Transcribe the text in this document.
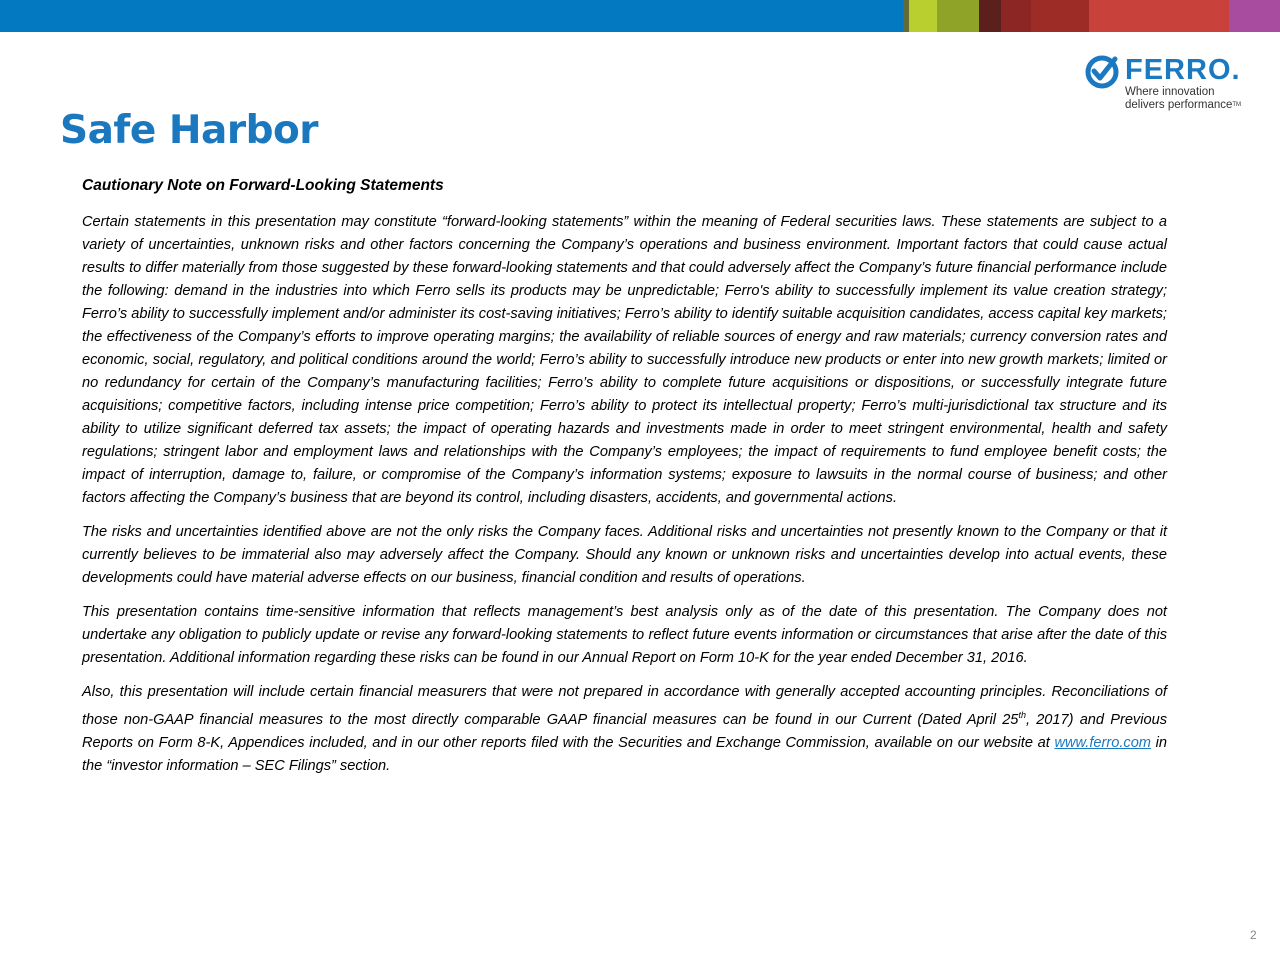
FERRO.
Where innovation
delivers performance™
Safe Harbor
Cautionary Note on Forward-Looking Statements

Certain statements in this presentation may constitute “forward-looking statements” within the meaning of Federal securities laws. These statements are subject to a variety of uncertainties, unknown risks and other factors concerning the Company’s operations and business environment. Important factors that could cause actual results to differ materially from those suggested by these forward-looking statements and that could adversely affect the Company’s future financial performance include the following: demand in the industries into which Ferro sells its products may be unpredictable; Ferro's ability to successfully implement its value creation strategy; Ferro’s ability to successfully implement and/or administer its cost-saving initiatives; Ferro’s ability to identify suitable acquisition candidates, access capital key markets; the effectiveness of the Company’s efforts to improve operating margins; the availability of reliable sources of energy and raw materials; currency conversion rates and economic, social, regulatory, and political conditions around the world; Ferro’s ability to successfully introduce new products or enter into new growth markets; limited or no redundancy for certain of the Company’s manufacturing facilities; Ferro’s ability to complete future acquisitions or dispositions, or successfully integrate future acquisitions; competitive factors, including intense price competition; Ferro’s ability to protect its intellectual property; Ferro’s multi-jurisdictional tax structure and its ability to utilize significant deferred tax assets; the impact of operating hazards and investments made in order to meet stringent environmental, health and safety regulations; stringent labor and employment laws and relationships with the Company’s employees; the impact of requirements to fund employee benefit costs; the impact of interruption, damage to, failure, or compromise of the Company’s information systems; exposure to lawsuits in the normal course of business; and other factors affecting the Company’s business that are beyond its control, including disasters, accidents, and governmental actions.

The risks and uncertainties identified above are not the only risks the Company faces. Additional risks and uncertainties not presently known to the Company or that it currently believes to be immaterial also may adversely affect the Company. Should any known or unknown risks and uncertainties develop into actual events, these developments could have material adverse effects on our business, financial condition and results of operations.

This presentation contains time-sensitive information that reflects management’s best analysis only as of the date of this presentation. The Company does not undertake any obligation to publicly update or revise any forward-looking statements to reflect future events information or circumstances that arise after the date of this presentation. Additional information regarding these risks can be found in our Annual Report on Form 10-K for the year ended December 31, 2016.

Also, this presentation will include certain financial measurers that were not prepared in accordance with generally accepted accounting principles. Reconciliations of those non-GAAP financial measures to the most directly comparable GAAP financial measures can be found in our Current (Dated April 25th, 2017) and Previous Reports on Form 8-K, Appendices included, and in our other reports filed with the Securities and Exchange Commission, available on our website at www.ferro.com in the “investor information – SEC Filings” section.

2
